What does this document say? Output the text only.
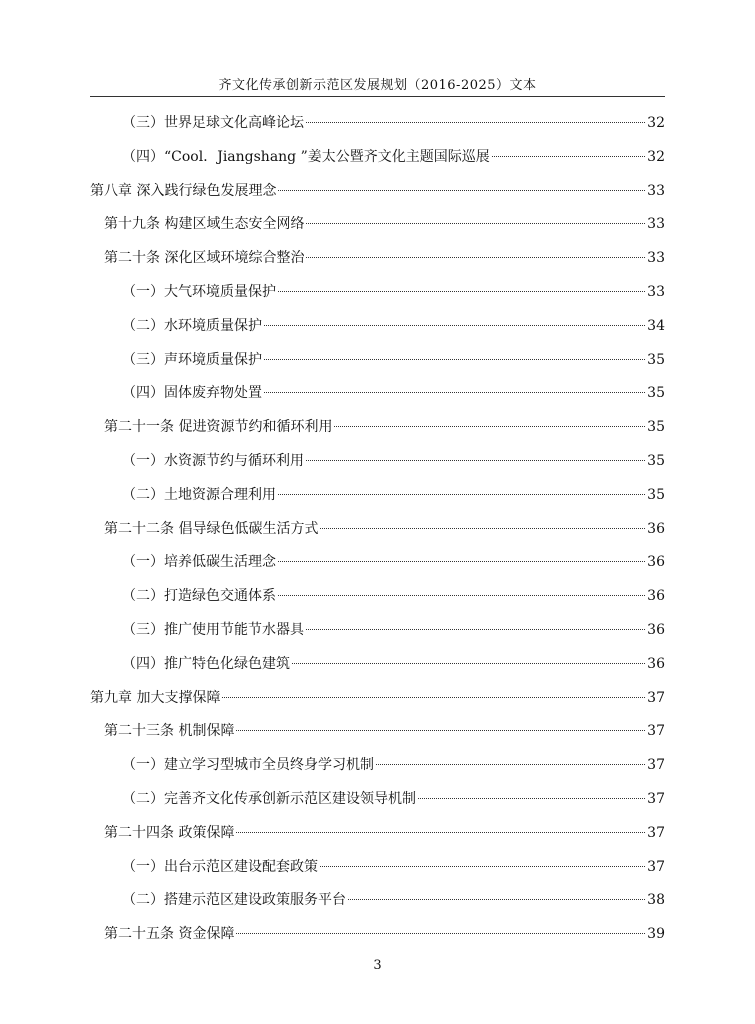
齐文化传承创新示范区发展规划（2016-2025）文本
（三）世界足球文化高峰论坛	32
（四）“Cool．Jiangshang ”姜太公暨齐文化主题国际巡展	32
第八章 深入践行绿色发展理念	33
第十九条 构建区域生态安全网络	33
第二十条 深化区域环境综合整治	33
（一）大气环境质量保护	33
（二）水环境质量保护	34
（三）声环境质量保护	35
（四）固体废弃物处置	35
第二十一条 促进资源节约和循环利用	35
（一）水资源节约与循环利用	35
（二）土地资源合理利用	35
第二十二条 倡导绿色低碳生活方式	36
（一）培养低碳生活理念	36
（二）打造绿色交通体系	36
（三）推广使用节能节水器具	36
（四）推广特色化绿色建筑	36
第九章 加大支撑保障	37
第二十三条 机制保障	37
（一）建立学习型城市全员终身学习机制	37
（二）完善齐文化传承创新示范区建设领导机制	37
第二十四条 政策保障	37
（一）出台示范区建设配套政策	37
（二）搭建示范区建设政策服务平台	38
第二十五条 资金保障	39
3
